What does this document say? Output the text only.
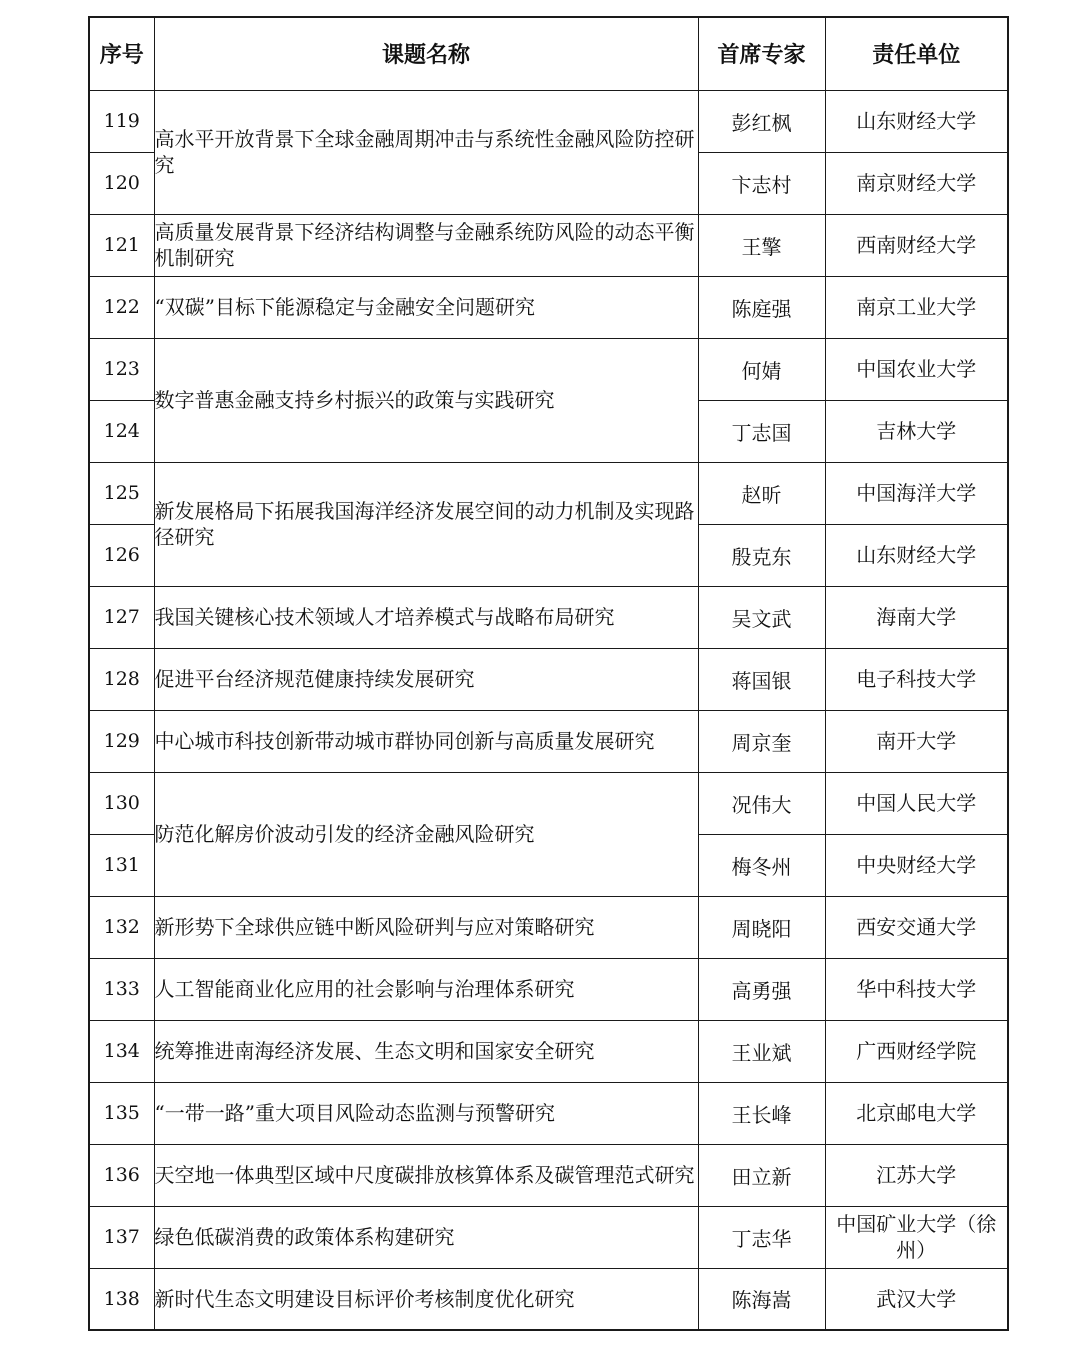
序号	课题名称	首席专家	责任单位
119	高水平开放背景下全球金融周期冲击与系统性金融风险防控研究	彭红枫	山东财经大学
120		卞志村	南京财经大学
121	高质量发展背景下经济结构调整与金融系统防风险的动态平衡机制研究	王擎	西南财经大学
122	“双碳”目标下能源稳定与金融安全问题研究	陈庭强	南京工业大学
123	数字普惠金融支持乡村振兴的政策与实践研究	何婧	中国农业大学
124		丁志国	吉林大学
125	新发展格局下拓展我国海洋经济发展空间的动力机制及实现路径研究	赵昕	中国海洋大学
126		殷克东	山东财经大学
127	我国关键核心技术领域人才培养模式与战略布局研究	吴文武	海南大学
128	促进平台经济规范健康持续发展研究	蒋国银	电子科技大学
129	中心城市科技创新带动城市群协同创新与高质量发展研究	周京奎	南开大学
130	防范化解房价波动引发的经济金融风险研究	况伟大	中国人民大学
131		梅冬州	中央财经大学
132	新形势下全球供应链中断风险研判与应对策略研究	周晓阳	西安交通大学
133	人工智能商业化应用的社会影响与治理体系研究	高勇强	华中科技大学
134	统筹推进南海经济发展、生态文明和国家安全研究	王业斌	广西财经学院
135	“一带一路”重大项目风险动态监测与预警研究	王长峰	北京邮电大学
136	天空地一体典型区域中尺度碳排放核算体系及碳管理范式研究	田立新	江苏大学
137	绿色低碳消费的政策体系构建研究	丁志华	中国矿业大学（徐州）
138	新时代生态文明建设目标评价考核制度优化研究	陈海嵩	武汉大学
